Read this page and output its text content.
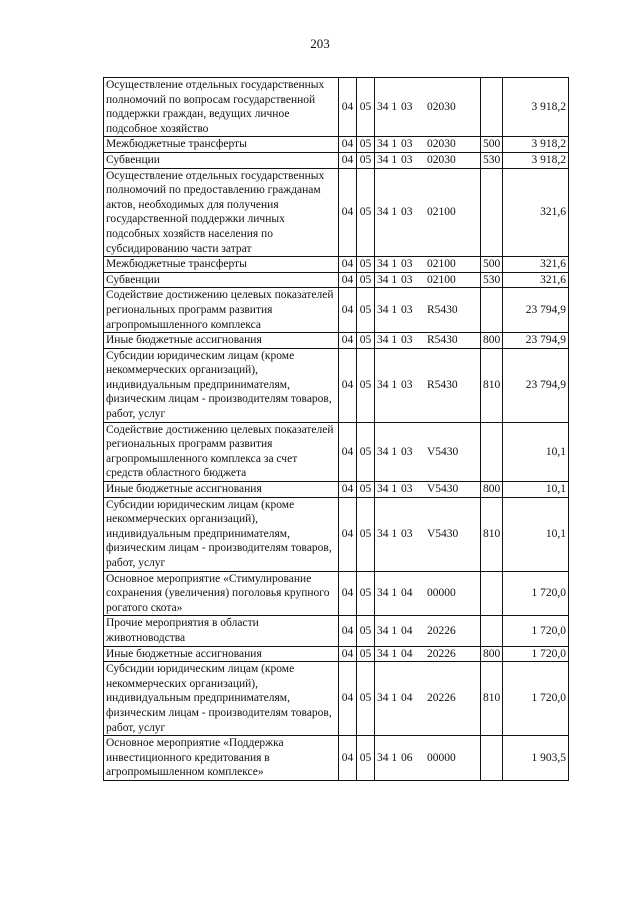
203
Осуществление отдельных государственных полномочий по вопросам государственной поддержки граждан, ведущих личное подсобное хозяйство	04	05	34 1 03 02030		3 918,2
Межбюджетные трансферты	04	05	34 1 03 02030	500	3 918,2
Субвенции	04	05	34 1 03 02030	530	3 918,2
Осуществление отдельных государственных полномочий по предоставлению гражданам актов, необходимых для получения государственной поддержки личных подсобных хозяйств населения по субсидированию части затрат	04	05	34 1 03 02100		321,6
Межбюджетные трансферты	04	05	34 1 03 02100	500	321,6
Субвенции	04	05	34 1 03 02100	530	321,6
Содействие достижению целевых показателей региональных программ развития агропромышленного комплекса	04	05	34 1 03 R5430		23 794,9
Иные бюджетные ассигнования	04	05	34 1 03 R5430	800	23 794,9
Субсидии юридическим лицам (кроме некоммерческих организаций), индивидуальным предпринимателям, физическим лицам - производителям товаров, работ, услуг	04	05	34 1 03 R5430	810	23 794,9
Содействие достижению целевых показателей региональных программ развития агропромышленного комплекса за счет средств областного бюджета	04	05	34 1 03 V5430		10,1
Иные бюджетные ассигнования	04	05	34 1 03 V5430	800	10,1
Субсидии юридическим лицам (кроме некоммерческих организаций), индивидуальным предпринимателям, физическим лицам - производителям товаров, работ, услуг	04	05	34 1 03 V5430	810	10,1
Основное мероприятие «Стимулирование сохранения (увеличения) поголовья крупного рогатого скота»	04	05	34 1 04 00000		1 720,0
Прочие мероприятия в области животноводства	04	05	34 1 04 20226		1 720,0
Иные бюджетные ассигнования	04	05	34 1 04 20226	800	1 720,0
Субсидии юридическим лицам (кроме некоммерческих организаций), индивидуальным предпринимателям, физическим лицам - производителям товаров, работ, услуг	04	05	34 1 04 20226	810	1 720,0
Основное мероприятие «Поддержка инвестиционного кредитования в агропромышленном комплексе»	04	05	34 1 06 00000		1 903,5
